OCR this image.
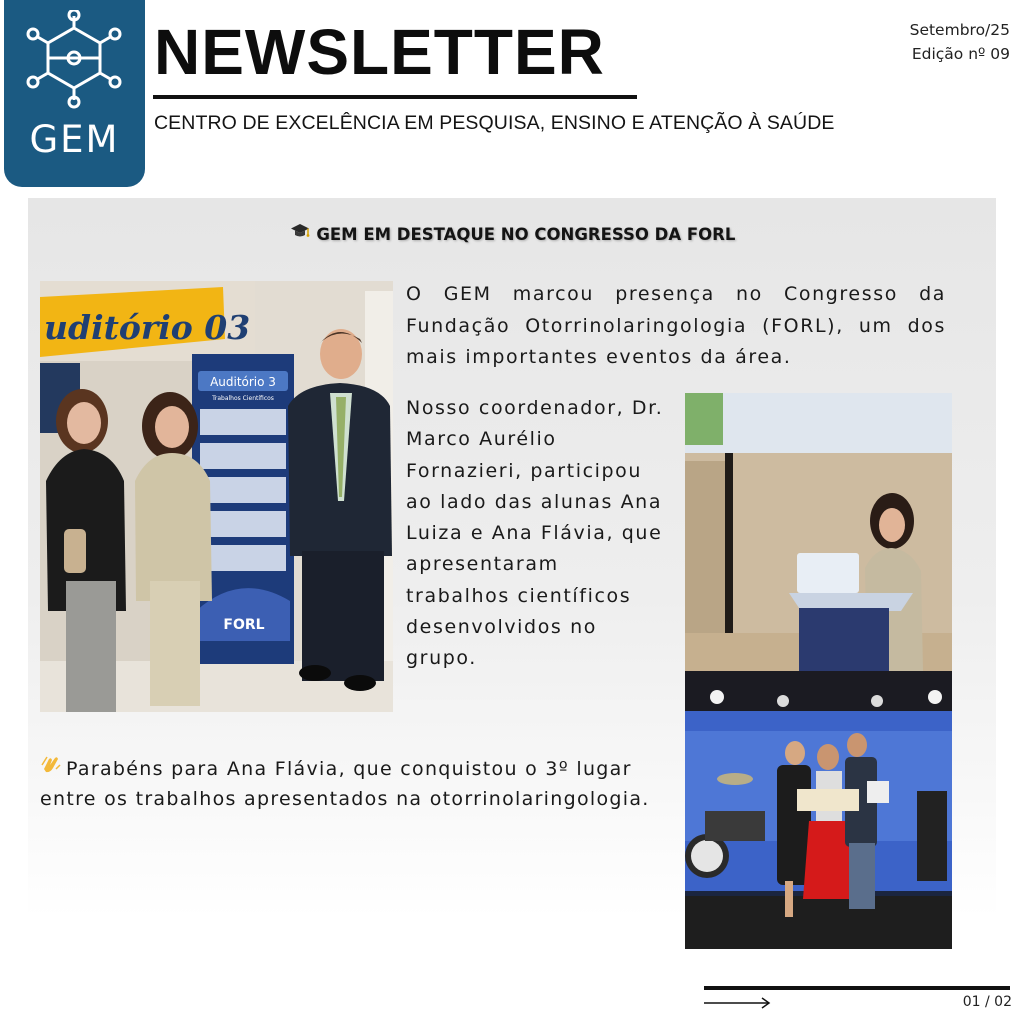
GEM
NEWSLETTER
CENTRO DE EXCELÊNCIA EM PESQUISA, ENSINO E ATENÇÃO À SAÚDE
Setembro/25
Edição nº 09
GEM EM DESTAQUE NO CONGRESSO DA FORL
uditório 03
Auditório 3
Trabalhos Científicos
FORL

O GEM marcou presença no Congresso da Fundação Otorrinolaringologia (FORL), um dos mais importantes eventos da área.

Nosso coordenador, Dr. Marco Aurélio Fornazieri, participou ao lado das alunas Ana Luiza e Ana Flávia, que apresentaram trabalhos científicos desenvolvidos no grupo.

Parabéns para Ana Flávia, que conquistou o 3º lugar entre os trabalhos apresentados na otorrinolaringologia.

01 / 02
